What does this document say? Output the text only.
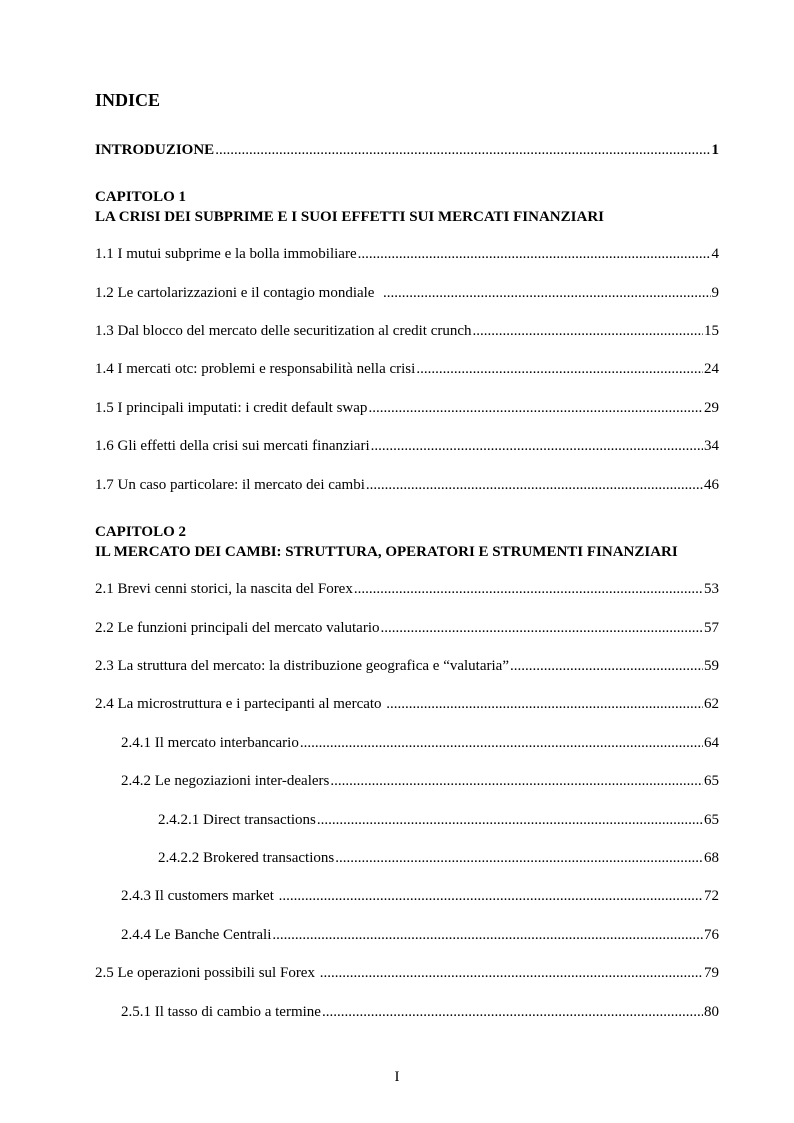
INDICE
INTRODUZIONE .....	1
CAPITOLO 1
LA CRISI DEI SUBPRIME E I SUOI EFFETTI SUI MERCATI FINANZIARI
1.1 I mutui subprime e la bolla immobiliare .....	4
1.2 Le cartolarizzazioni e il contagio mondiale .....	9
1.3 Dal blocco del mercato delle securitization al credit crunch .....	15
1.4 I mercati otc: problemi e responsabilità nella crisi .....	24
1.5 I principali imputati: i credit default swap .....	29
1.6 Gli effetti della crisi sui mercati finanziari .....	34
1.7 Un caso particolare: il mercato dei cambi .....	46
CAPITOLO 2
IL MERCATO DEI CAMBI: STRUTTURA, OPERATORI E STRUMENTI FINANZIARI
2.1 Brevi cenni storici, la nascita del Forex .....	53
2.2 Le funzioni principali del mercato valutario .....	57
2.3 La struttura del mercato: la distribuzione geografica e “valutaria” .....	59
2.4 La microstruttura e i partecipanti al mercato .....	62
2.4.1 Il mercato interbancario .....	64
2.4.2 Le negoziazioni inter-dealers .....	65
2.4.2.1 Direct transactions .....	65
2.4.2.2 Brokered transactions .....	68
2.4.3 Il customers market .....	72
2.4.4 Le Banche Centrali .....	76
2.5 Le operazioni possibili sul Forex .....	79
2.5.1 Il tasso di cambio a termine .....	80
I
